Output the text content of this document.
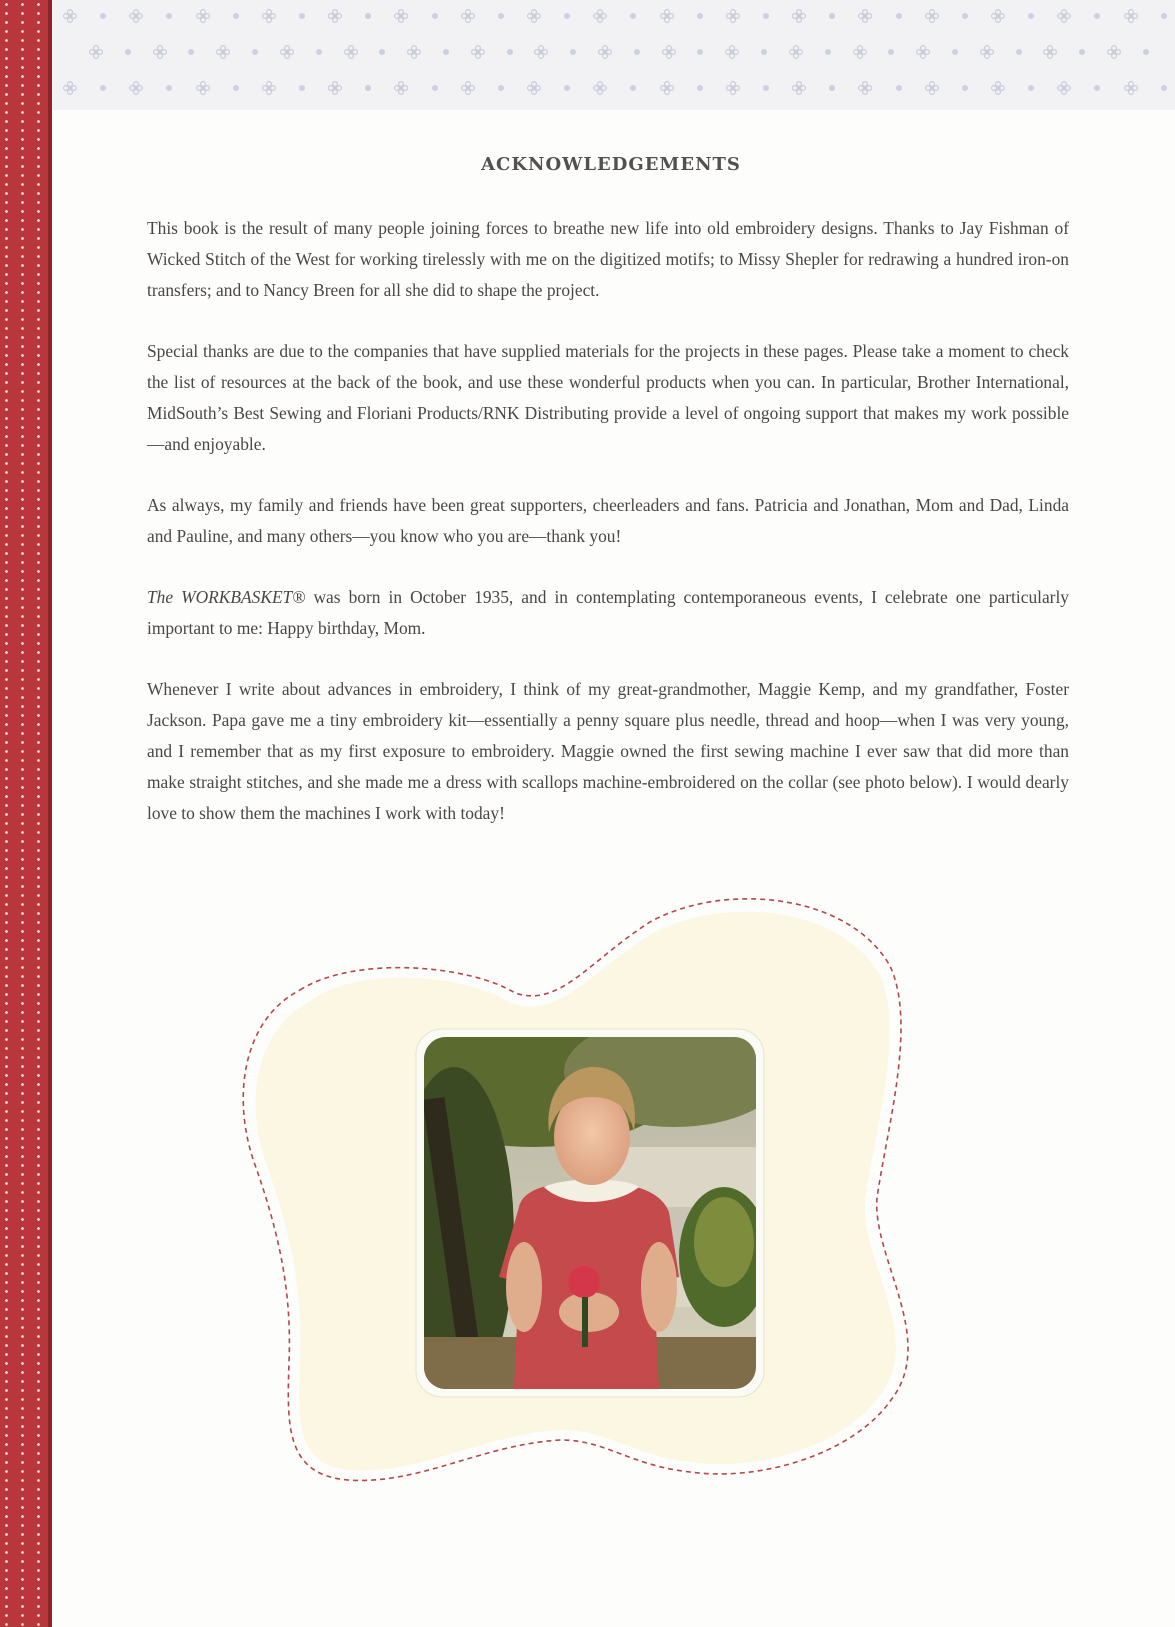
ACKNOWLEDGEMENTS

This book is the result of many people joining forces to breathe new life into old embroidery designs. Thanks to Jay Fishman of Wicked Stitch of the West for working tirelessly with me on the digitized motifs; to Missy Shepler for redrawing a hundred iron-on transfers; and to Nancy Breen for all she did to shape the project.

Special thanks are due to the companies that have supplied materials for the projects in these pages. Please take a moment to check the list of resources at the back of the book, and use these wonderful products when you can. In particular, Brother International, MidSouth’s Best Sewing and Floriani Products/RNK Distributing provide a level of ongoing support that makes my work possible—and enjoyable.

As always, my family and friends have been great supporters, cheerleaders and fans. Patricia and Jonathan, Mom and Dad, Linda and Pauline, and many others—you know who you are—thank you!

The WORKBASKET® was born in October 1935, and in contemplating contemporaneous events, I celebrate one particularly important to me: Happy birthday, Mom.

Whenever I write about advances in embroidery, I think of my great-grandmother, Maggie Kemp, and my grandfather, Foster Jackson. Papa gave me a tiny embroidery kit—essentially a penny square plus needle, thread and hoop—when I was very young, and I remember that as my first exposure to embroidery. Maggie owned the first sewing machine I ever saw that did more than make straight stitches, and she made me a dress with scallops machine-embroidered on the collar (see photo below). I would dearly love to show them the machines I work with today!
